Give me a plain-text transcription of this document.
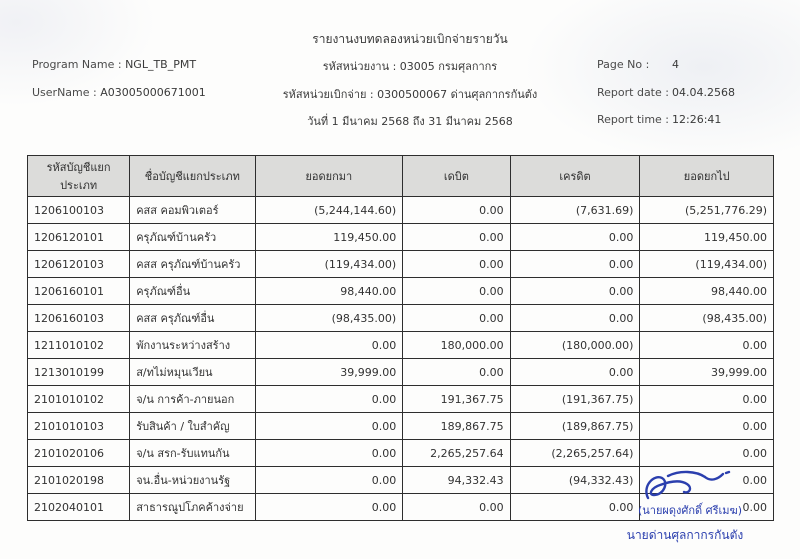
รายงานงบทดลองหน่วยเบิกจ่ายรายวัน
รหัสหน่วยงาน : 03005 กรมศุลกากร
รหัสหน่วยเบิกจ่าย : 0300500067 ด่านศุลกากรกันตัง
วันที่ 1 มีนาคม 2568 ถึง 31 มีนาคม 2568
Program Name : NGL_TB_PMT
UserName : A03005000671001
Page No : 4
Report date : 04.04.2568
Report time : 12:26:41
รหัสบัญชีแยกประเภท	ชื่อบัญชีแยกประเภท	ยอดยกมา	เดบิต	เครดิต	ยอดยกไป
1206100103	คสส คอมพิวเตอร์	(5,244,144.60)	0.00	(7,631.69)	(5,251,776.29)
1206120101	ครุภัณฑ์บ้านครัว	119,450.00	0.00	0.00	119,450.00
1206120103	คสส ครุภัณฑ์บ้านครัว	(119,434.00)	0.00	0.00	(119,434.00)
1206160101	ครุภัณฑ์อื่น	98,440.00	0.00	0.00	98,440.00
1206160103	คสส ครุภัณฑ์อื่น	(98,435.00)	0.00	0.00	(98,435.00)
1211010102	พักงานระหว่างสร้าง	0.00	180,000.00	(180,000.00)	0.00
1213010199	ส/ทไม่หมุนเวียน	39,999.00	0.00	0.00	39,999.00
2101010102	จ/น การค้า-ภายนอก	0.00	191,367.75	(191,367.75)	0.00
2101010103	รับสินค้า / ใบสำคัญ	0.00	189,867.75	(189,867.75)	0.00
2101020106	จ/น สรก-รับแทนกัน	0.00	2,265,257.64	(2,265,257.64)	0.00
2101020198	จน.อื่น-หน่วยงานรัฐ	0.00	94,332.43	(94,332.43)	0.00
2102040101	สาธารณูปโภคค้างจ่าย	0.00	0.00	0.00	0.00
(นายผดุงศักดิ์ ศรีเมฆ)
นายด่านศุลกากรกันตัง
